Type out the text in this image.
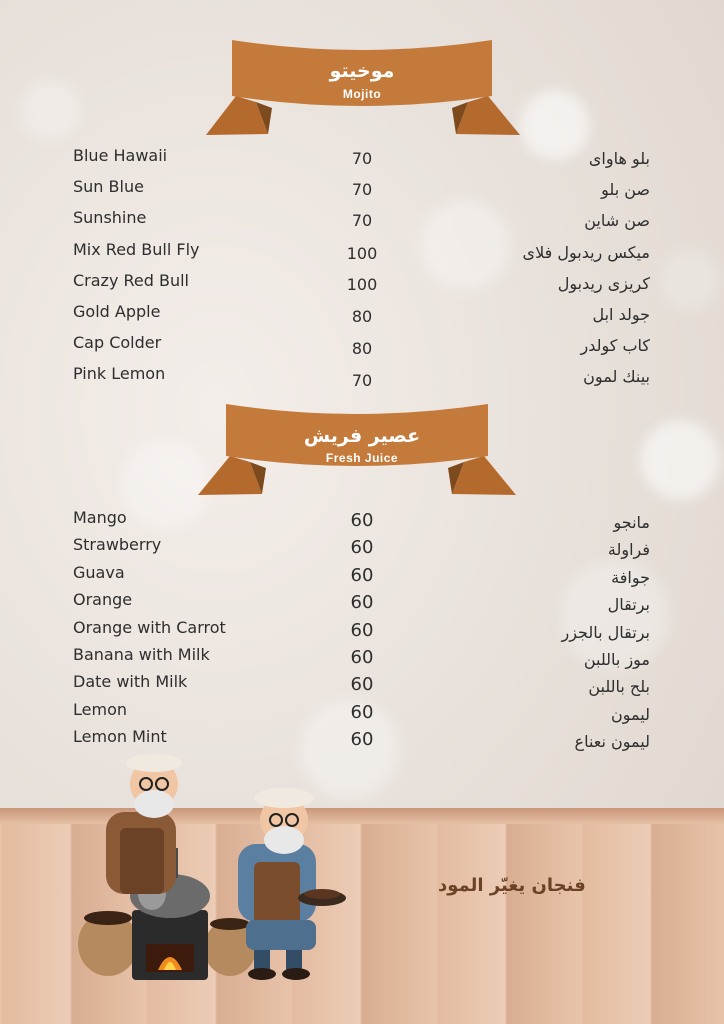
موخيتو
Mojito
Blue Hawaii	70	بلو هاواى
Sun Blue	70	صن بلو
Sunshine	70	صن شاين
Mix Red Bull Fly	100	ميكس ريدبول فلاى
Crazy Red Bull	100	كريزى ريدبول
Gold Apple	80	جولد ابل
Cap Colder	80	كاب كولدر
Pink Lemon	70	بينك لمون
عصير فريش
Fresh Juice
Mango	60	مانجو
Strawberry	60	فراولة
Guava	60	جوافة
Orange	60	برتقال
Orange with Carrot	60	برتقال بالجزر
Banana with Milk	60	موز باللبن
Date with Milk	60	بلح باللبن
Lemon	60	ليمون
Lemon Mint	60	ليمون نعناع
فنجان يغيّر المود
